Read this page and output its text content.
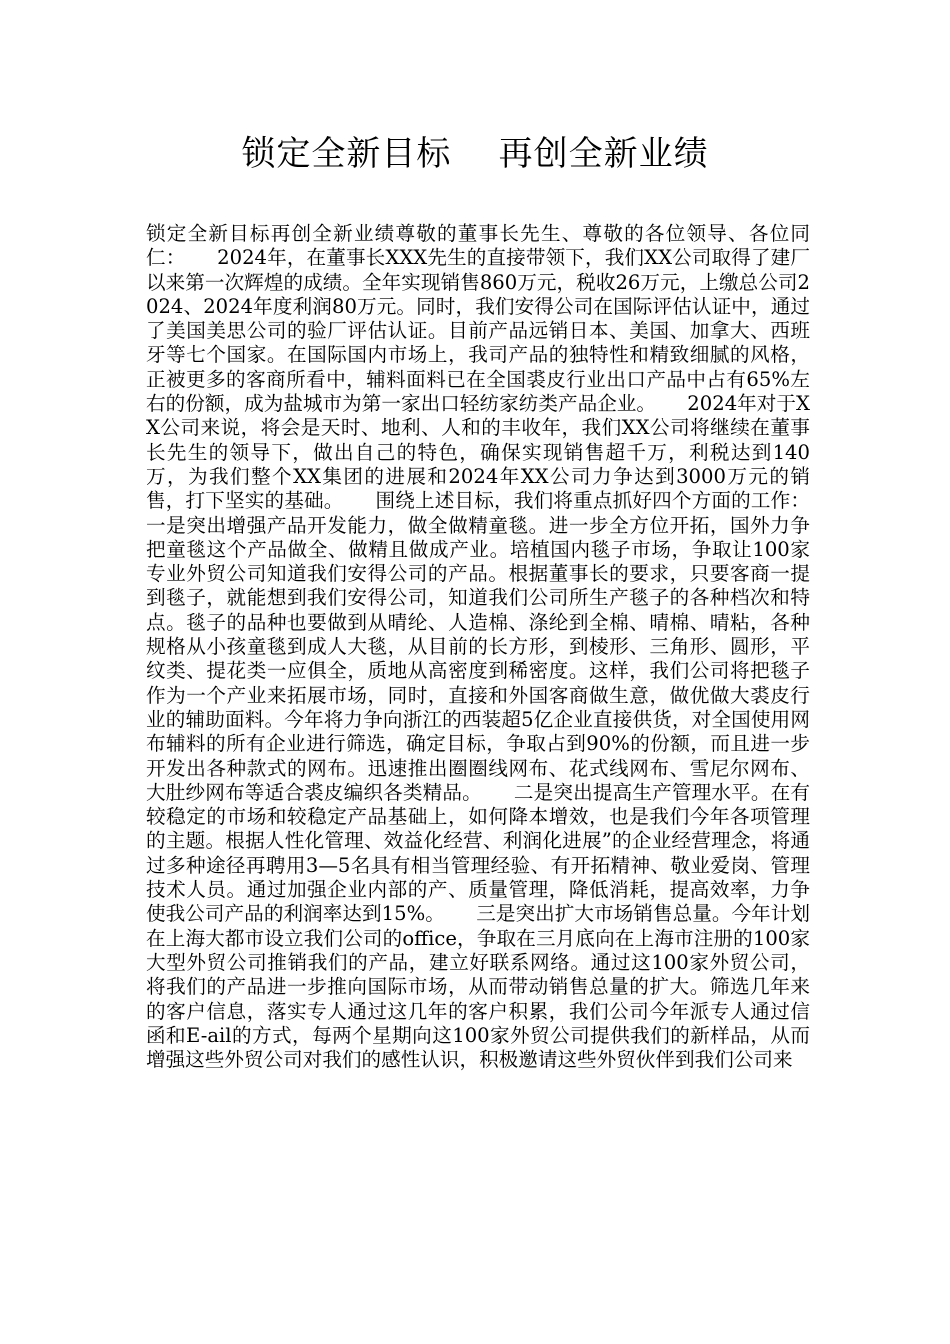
锁定全新目标    再创全新业绩

锁定全新目标再创全新业绩尊敬的董事长先生、尊敬的各位领导、各位同仁：     2024年，在董事长XXX先生的直接带领下，我们XX公司取得了建厂以来第一次辉煌的成绩。全年实现销售860万元，税收26万元，上缴总公司2024、2024年度利润80万元。同时，我们安得公司在国际评估认证中，通过了美国美思公司的验厂评估认证。目前产品远销日本、美国、加拿大、西班牙等七个国家。在国际国内市场上，我司产品的独特性和精致细腻的风格，正被更多的客商所看中，辅料面料已在全国裘皮行业出口产品中占有65%左右的份额，成为盐城市为第一家出口轻纺家纺类产品企业。     2024年对于XX公司来说，将会是天时、地利、人和的丰收年，我们XX公司将继续在董事长先生的领导下，做出自己的特色，确保实现销售超千万，利税达到140万，为我们整个XX集团的进展和2024年XX公司力争达到3000万元的销售，打下坚实的基础。     围绕上述目标，我们将重点抓好四个方面的工作：     一是突出增强产品开发能力，做全做精童毯。进一步全方位开拓，国外力争把童毯这个产品做全、做精且做成产业。培植国内毯子市场，争取让100家专业外贸公司知道我们安得公司的产品。根据董事长的要求，只要客商一提到毯子，就能想到我们安得公司，知道我们公司所生产毯子的各种档次和特点。毯子的品种也要做到从晴纶、人造棉、涤纶到全棉、晴棉、晴粘，各种规格从小孩童毯到成人大毯，从目前的长方形，到棱形、三角形、圆形，平纹类、提花类一应俱全，质地从高密度到稀密度。这样，我们公司将把毯子作为一个产业来拓展市场，同时，直接和外国客商做生意，做优做大裘皮行业的辅助面料。今年将力争向浙江的西装超5亿企业直接供货，对全国使用网布辅料的所有企业进行筛选，确定目标，争取占到90%的份额，而且进一步开发出各种款式的网布。迅速推出圈圈线网布、花式线网布、雪尼尔网布、大肚纱网布等适合裘皮编织各类精品。     二是突出提高生产管理水平。在有较稳定的市场和较稳定产品基础上，如何降本增效，也是我们今年各项管理的主题。根据人性化管理、效益化经营、利润化进展”的企业经营理念，将通过多种途径再聘用3—5名具有相当管理经验、有开拓精神、敬业爱岗、管理技术人员。通过加强企业内部的产、质量管理，降低消耗，提高效率，力争使我公司产品的利润率达到15%。     三是突出扩大市场销售总量。今年计划在上海大都市设立我们公司的office，争取在三月底向在上海市注册的100家大型外贸公司推销我们的产品，建立好联系网络。通过这100家外贸公司，将我们的产品进一步推向国际市场，从而带动销售总量的扩大。筛选几年来的客户信息，落实专人通过这几年的客户积累，我们公司今年派专人通过信函和E-ail的方式，每两个星期向这100家外贸公司提供我们的新样品，从而增强这些外贸公司对我们的感性认识，积极邀请这些外贸伙伴到我们公司来
